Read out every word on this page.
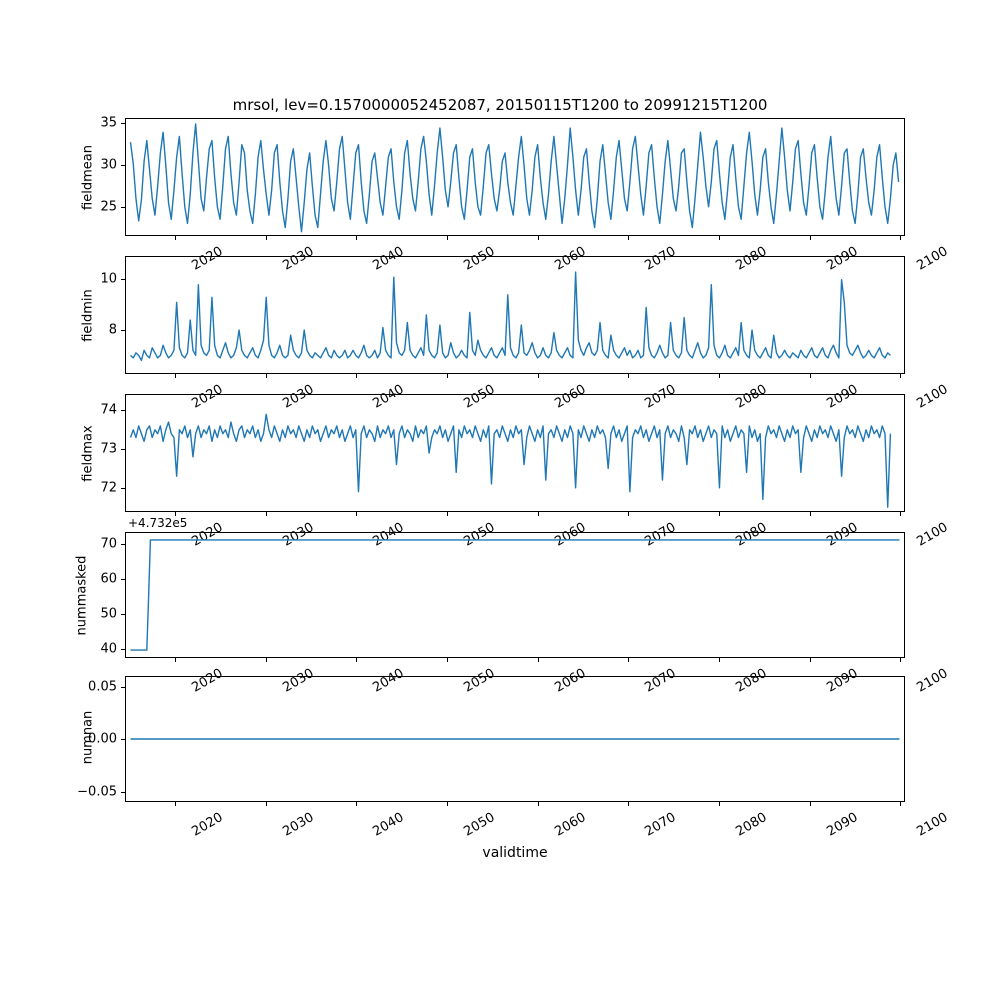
mrsol, lev=0.1570000052452087, 20150115T1200 to 20991215T1200
fieldmean 25
30
35
2020	2030	2040	2050	2060	2070	2080	2090	2100
fieldmin	8
10
2020	2030	2040	2050	2060	2070	2080	2090	2100
fieldmax
72
73
74
2020	2030	2040	2050	2060	2070	2080	2090	2100
+4.732e5
nummasked
40
50
60
70
2020	2030	2040	2050	2060	2070	2080	2090	2100
numnan
−0.05
0.00
0.05
2020	2030	2040	2050	2060	2070	2080	2090	2100
validtime
